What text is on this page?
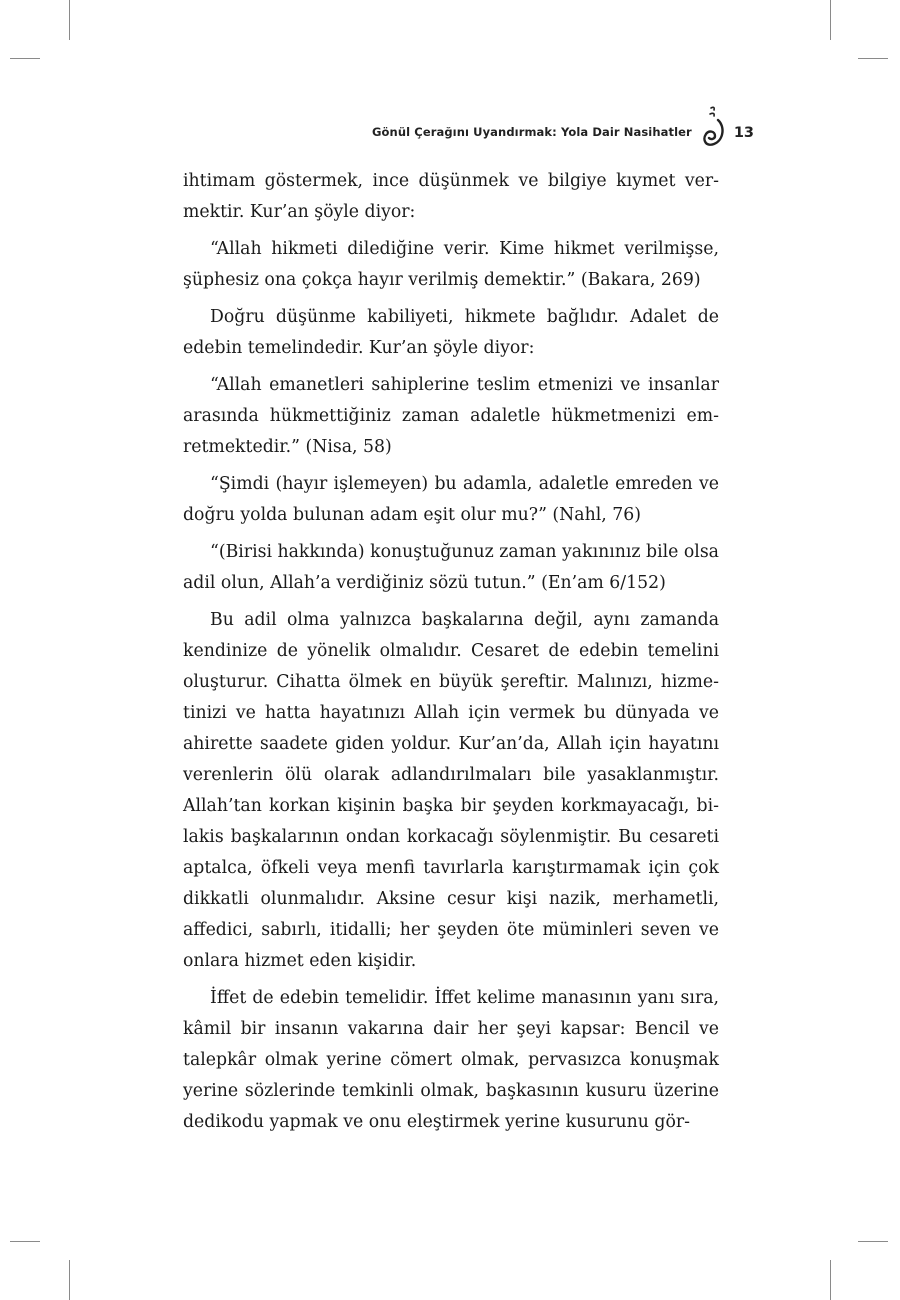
Gönül Çerağını Uyandırmak: Yola Dair Nasihatler	13

ihtimam göstermek, ince düşünmek ve bilgiye kıymet vermektir. Kur’an şöyle diyor:

“Allah hikmeti dilediğine verir. Kime hikmet verilmişse, şüphesiz ona çokça hayır verilmiş demektir.” (Bakara, 269)

Doğru düşünme kabiliyeti, hikmete bağlıdır. Adalet de edebin temelindedir. Kur’an şöyle diyor:

“Allah emanetleri sahiplerine teslim etmenizi ve insanlar arasında hükmettiğiniz zaman adaletle hükmetmenizi emretmektedir.” (Nisa, 58)

“Şimdi (hayır işlemeyen) bu adamla, adaletle emreden ve doğru yolda bulunan adam eşit olur mu?” (Nahl, 76)

“(Birisi hakkında) konuştuğunuz zaman yakınınız bile olsa adil olun, Allah’a verdiğiniz sözü tutun.” (En’am 6/152)

Bu adil olma yalnızca başkalarına değil, aynı zamanda kendinize de yönelik olmalıdır. Cesaret de edebin temelini oluşturur. Cihatta ölmek en büyük şereftir. Malınızı, hizmetinizi ve hatta hayatınızı Allah için vermek bu dünyada ve ahirette saadete giden yoldur. Kur’an’da, Allah için hayatını verenlerin ölü olarak adlandırılmaları bile yasaklanmıştır. Allah’tan korkan kişinin başka bir şeyden korkmayacağı, bilakis başkalarının ondan korkacağı söylenmiştir. Bu cesareti aptalca, öfkeli veya menfi tavırlarla karıştırmamak için çok dikkatli olunmalıdır. Aksine cesur kişi nazik, merhametli, affedici, sabırlı, itidalli; her şeyden öte müminleri seven ve onlara hizmet eden kişidir.

İffet de edebin temelidir. İffet kelime manasının yanı sıra, kâmil bir insanın vakarına dair her şeyi kapsar: Bencil ve talepkâr olmak yerine cömert olmak, pervasızca konuşmak yerine sözlerinde temkinli olmak, başkasının kusuru üzerine dedikodu yapmak ve onu eleştirmek yerine kusurunu gör-
